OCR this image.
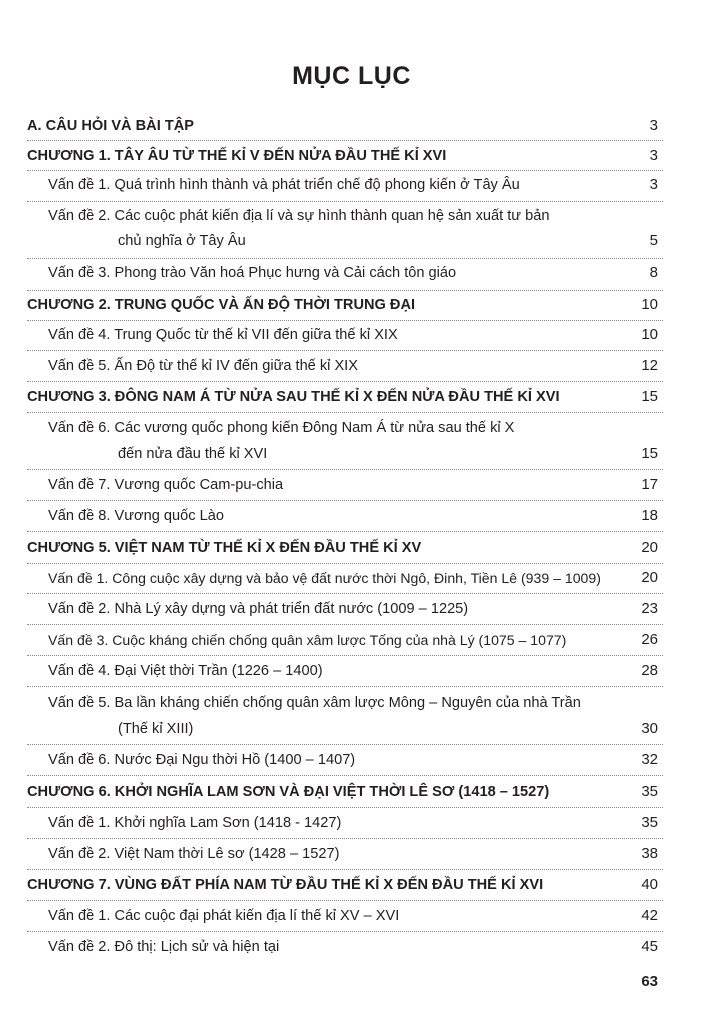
MỤC LỤC
A. CÂU HỎI VÀ BÀI TẬP	3
CHƯƠNG 1. TÂY ÂU TỪ THẾ KỈ V ĐẾN NỬA ĐẦU THẾ KỈ XVI	3
Vấn đề 1. Quá trình hình thành và phát triển chế độ phong kiến ở Tây Âu	3
Vấn đề 2. Các cuộc phát kiến địa lí và sự hình thành quan hệ sản xuất tư bản
chủ nghĩa ở Tây Âu	5
Vấn đề 3. Phong trào Văn hoá Phục hưng và Cải cách tôn giáo	8
CHƯƠNG 2. TRUNG QUỐC VÀ ẤN ĐỘ THỜI TRUNG ĐẠI	10
Vấn đề 4. Trung Quốc từ thế kỉ VII đến giữa thế kỉ XIX	10
Vấn đề 5. Ấn Độ từ thế kỉ IV đến giữa thế kỉ XIX	12
CHƯƠNG 3. ĐÔNG NAM Á TỪ NỬA SAU THẾ KỈ X ĐẾN NỬA ĐẦU THẾ KỈ XVI	15
Vấn đề 6. Các vương quốc phong kiến Đông Nam Á từ nửa sau thế kỉ X
đến nửa đầu thế kỉ XVI	15
Vấn đề 7. Vương quốc Cam-pu-chia	17
Vấn đề 8. Vương quốc Lào	18
CHƯƠNG 5. VIỆT NAM TỪ THẾ KỈ X ĐẾN ĐẦU THẾ KỈ XV	20
Vấn đề 1. Công cuộc xây dựng và bảo vệ đất nước thời Ngô, Đinh, Tiền Lê (939 – 1009)	20
Vấn đề 2. Nhà Lý xây dựng và phát triển đất nước (1009 – 1225)	23
Vấn đề 3. Cuộc kháng chiến chống quân xâm lược Tống của nhà Lý (1075 – 1077)	26
Vấn đề 4. Đại Việt thời Trần (1226 – 1400)	28
Vấn đề 5. Ba lần kháng chiến chống quân xâm lược Mông – Nguyên của nhà Trần
(Thế kỉ XIII)	30
Vấn đề 6. Nước Đại Ngu thời Hồ (1400 – 1407)	32
CHƯƠNG 6. KHỞI NGHĨA LAM SƠN VÀ ĐẠI VIỆT THỜI LÊ SƠ (1418 – 1527)	35
Vấn đề 1. Khởi nghĩa Lam Sơn (1418 - 1427)	35
Vấn đề 2. Việt Nam thời Lê sơ (1428 – 1527)	38
CHƯƠNG 7. VÙNG ĐẤT PHÍA NAM TỪ ĐẦU THẾ KỈ X ĐẾN ĐẦU THẾ KỈ XVI	40
Vấn đề 1. Các cuộc đại phát kiến địa lí thế kỉ XV – XVI	42
Vấn đề 2. Đô thị: Lịch sử và hiện tại	45
63
